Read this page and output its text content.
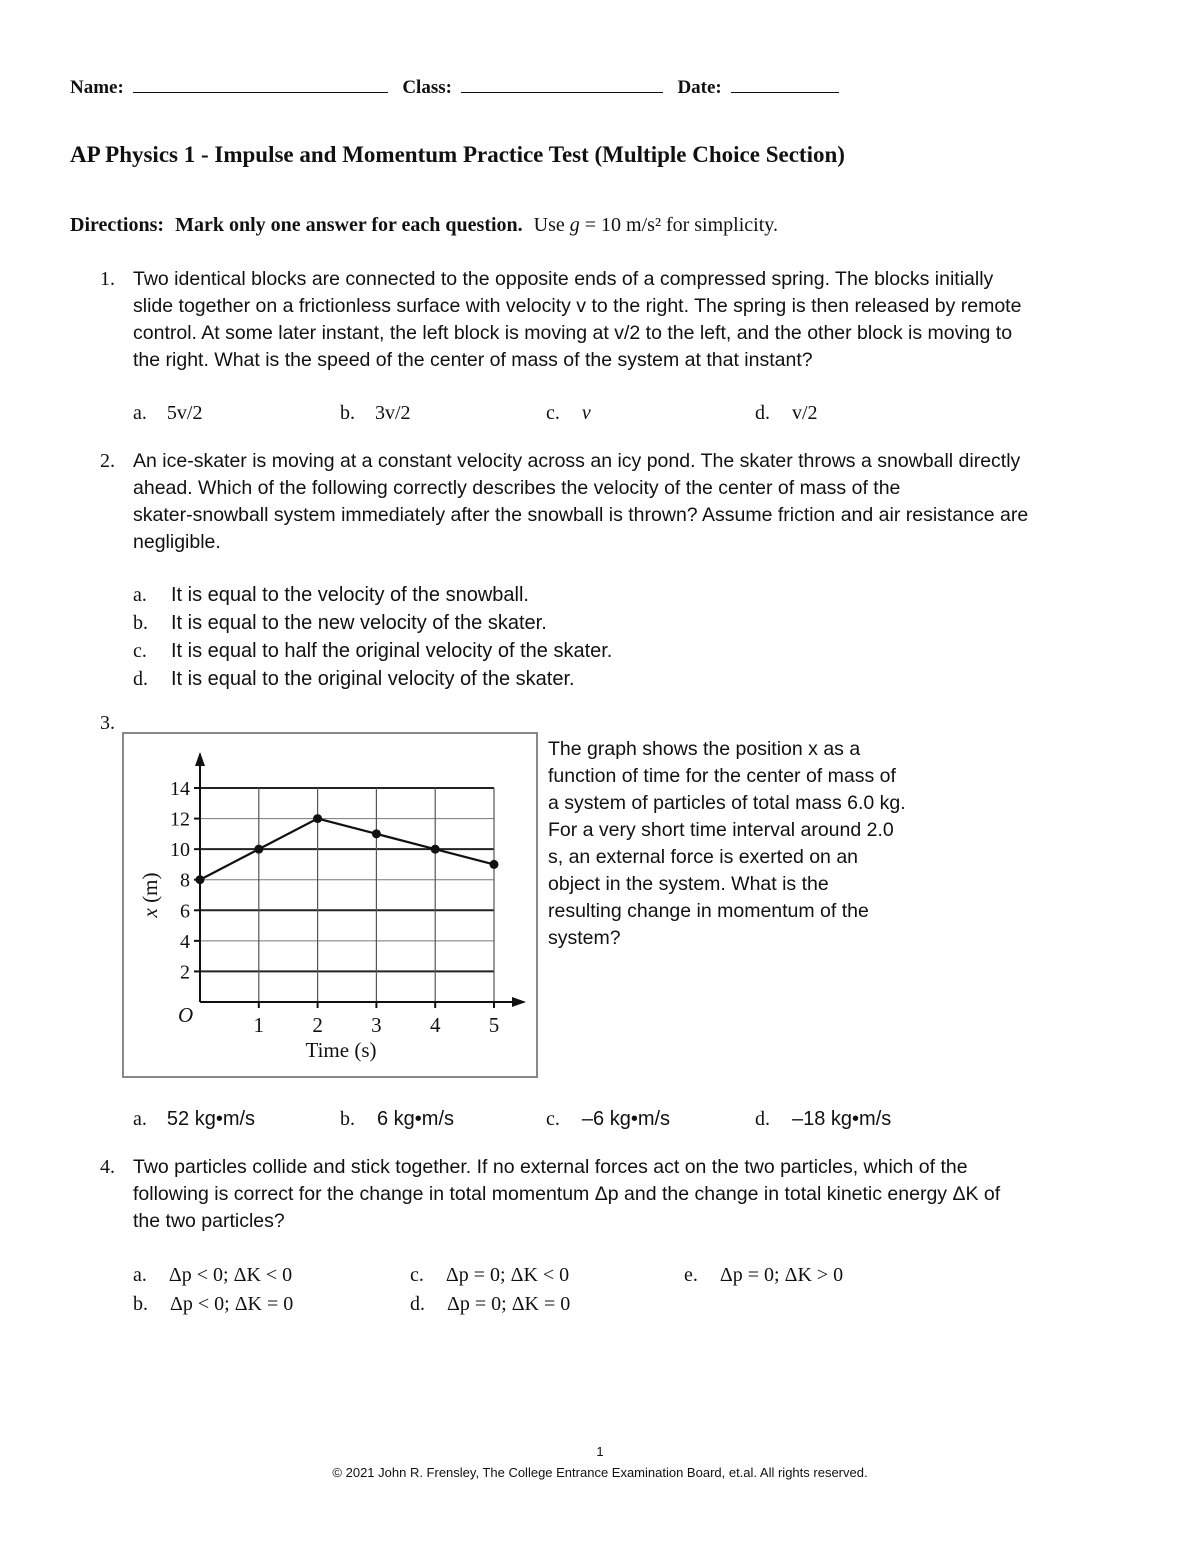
Name:	Class:	Date:
AP Physics 1 - Impulse and Momentum Practice Test (Multiple Choice Section)
Directions: Mark only one answer for each question. Use g = 10 m/s² for simplicity.
1. Two identical blocks are connected to the opposite ends of a compressed spring. The blocks initially
slide together on a frictionless surface with velocity v to the right. The spring is then released by remote
control. At some later instant, the left block is moving at v/2 to the left, and the other block is moving to
the right. What is the speed of the center of mass of the system at that instant?
a. 5v/2	b. 3v/2	c. v	d. v/2
2. An ice-skater is moving at a constant velocity across an icy pond. The skater throws a snowball directly
ahead. Which of the following correctly describes the velocity of the center of mass of the
skater-snowball system immediately after the snowball is thrown? Assume friction and air resistance are
negligible.
a. It is equal to the velocity of the snowball.
b. It is equal to the new velocity of the skater.
c. It is equal to half the original velocity of the skater.
d. It is equal to the original velocity of the skater.
3.
2
4
6
8
10
12
14
1 2 3 4 5
O
Time (s)
x (m)
The graph shows the position x as a
function of time for the center of mass of
a system of particles of total mass 6.0 kg.
For a very short time interval around 2.0
s, an external force is exerted on an
object in the system. What is the
resulting change in momentum of the
system?
a. 52 kg•m/s	b. 6 kg•m/s	c. –6 kg•m/s	d. –18 kg•m/s
4. Two particles collide and stick together. If no external forces act on the two particles, which of the
following is correct for the change in total momentum Δp and the change in total kinetic energy ΔK of
the two particles?
a. Δp < 0; ΔK < 0
b. Δp < 0; ΔK = 0
c. Δp = 0; ΔK < 0
d. Δp = 0; ΔK = 0
e. Δp = 0; ΔK > 0
1
© 2021 John R. Frensley, The College Entrance Examination Board, et.al. All rights reserved.
